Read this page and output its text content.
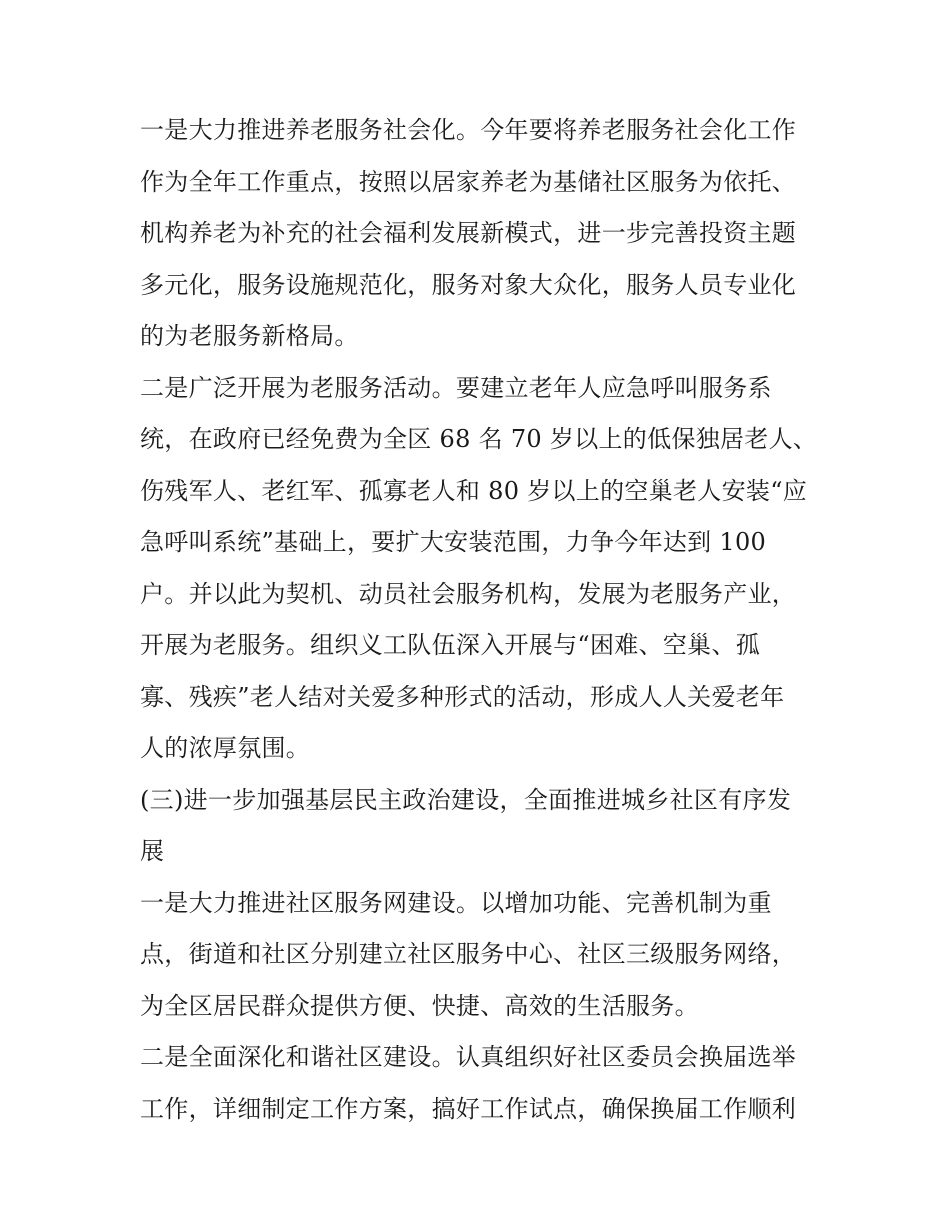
一是大力推进养老服务社会化。今年要将养老服务社会化工作
作为全年工作重点，按照以居家养老为基储社区服务为依托、
机构养老为补充的社会福利发展新模式，进一步完善投资主题
多元化，服务设施规范化，服务对象大众化，服务人员专业化
的为老服务新格局。
二是广泛开展为老服务活动。要建立老年人应急呼叫服务系
统，在政府已经免费为全区 68 名 70 岁以上的低保独居老人、
伤残军人、老红军、孤寡老人和 80 岁以上的空巢老人安装“应
急呼叫系统”基础上，要扩大安装范围，力争今年达到 100
户。并以此为契机、动员社会服务机构，发展为老服务产业，
开展为老服务。组织义工队伍深入开展与“困难、空巢、孤
寡、残疾”老人结对关爱多种形式的活动，形成人人关爱老年
人的浓厚氛围。
(三)进一步加强基层民主政治建设，全面推进城乡社区有序发
展
一是大力推进社区服务网建设。以增加功能、完善机制为重
点，街道和社区分别建立社区服务中心、社区三级服务网络，
为全区居民群众提供方便、快捷、高效的生活服务。
二是全面深化和谐社区建设。认真组织好社区委员会换届选举
工作，详细制定工作方案，搞好工作试点，确保换届工作顺利
